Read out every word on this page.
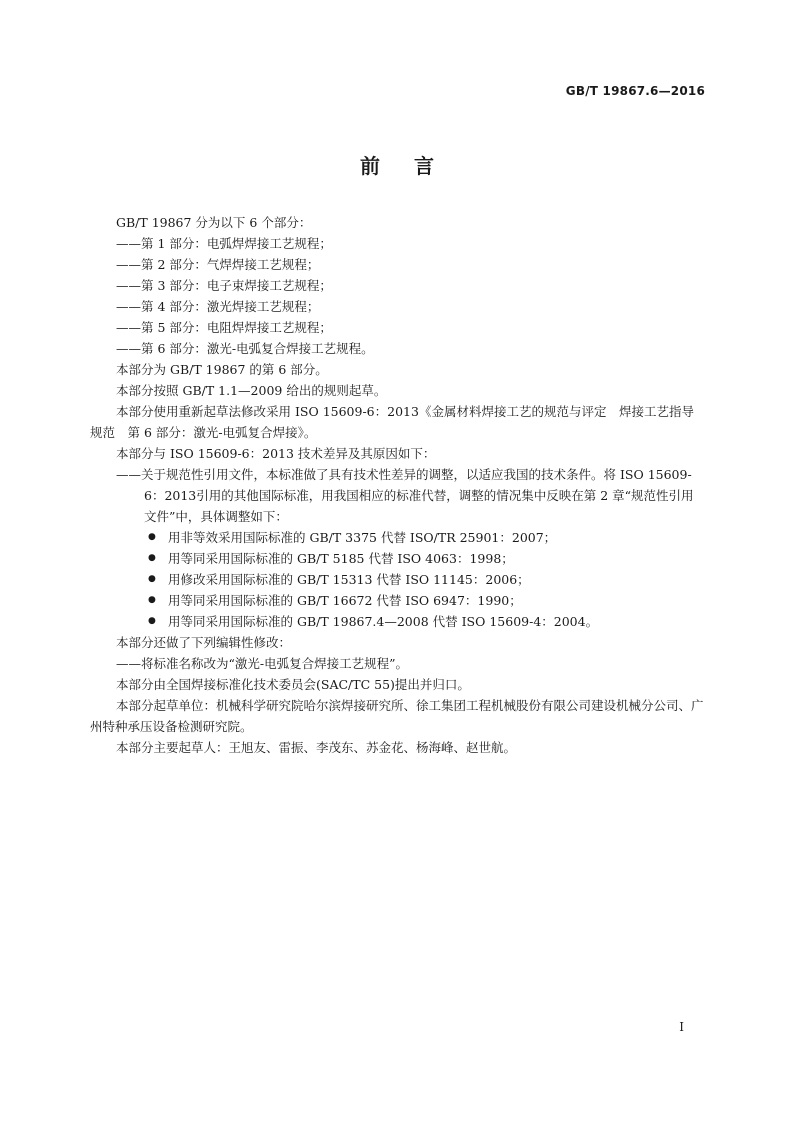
GB/T 19867.6—2016
前言

GB/T 19867 分为以下 6 个部分：

——第 1 部分：电弧焊焊接工艺规程；

——第 2 部分：气焊焊接工艺规程；

——第 3 部分：电子束焊接工艺规程；

——第 4 部分：激光焊接工艺规程；

——第 5 部分：电阻焊焊接工艺规程；

——第 6 部分：激光-电弧复合焊接工艺规程。

本部分为 GB/T 19867 的第 6 部分。

本部分按照 GB/T 1.1—2009 给出的规则起草。

本部分使用重新起草法修改采用 ISO 15609-6：2013《金属材料焊接工艺的规范与评定　焊接工艺指导规范　第 6 部分：激光-电弧复合焊接》。

本部分与 ISO 15609-6：2013 技术差异及其原因如下：

——关于规范性引用文件，本标准做了具有技术性差异的调整，以适应我国的技术条件。将 ISO 15609-6：2013引用的其他国际标准，用我国相应的标准代替，调整的情况集中反映在第 2 章“规范性引用文件”中，具体调整如下：

● 用非等效采用国际标准的 GB/T 3375 代替 ISO/TR 25901：2007；
● 用等同采用国际标准的 GB/T 5185 代替 ISO 4063：1998；
● 用修改采用国际标准的 GB/T 15313 代替 ISO 11145：2006；
● 用等同采用国际标准的 GB/T 16672 代替 ISO 6947：1990；
● 用等同采用国际标准的 GB/T 19867.4—2008 代替 ISO 15609-4：2004。

本部分还做了下列编辑性修改：

——将标准名称改为“激光-电弧复合焊接工艺规程”。

本部分由全国焊接标准化技术委员会(SAC/TC 55)提出并归口。

本部分起草单位：机械科学研究院哈尔滨焊接研究所、徐工集团工程机械股份有限公司建设机械分公司、广州特种承压设备检测研究院。

本部分主要起草人：王旭友、雷振、李茂东、苏金花、杨海峰、赵世航。

I
